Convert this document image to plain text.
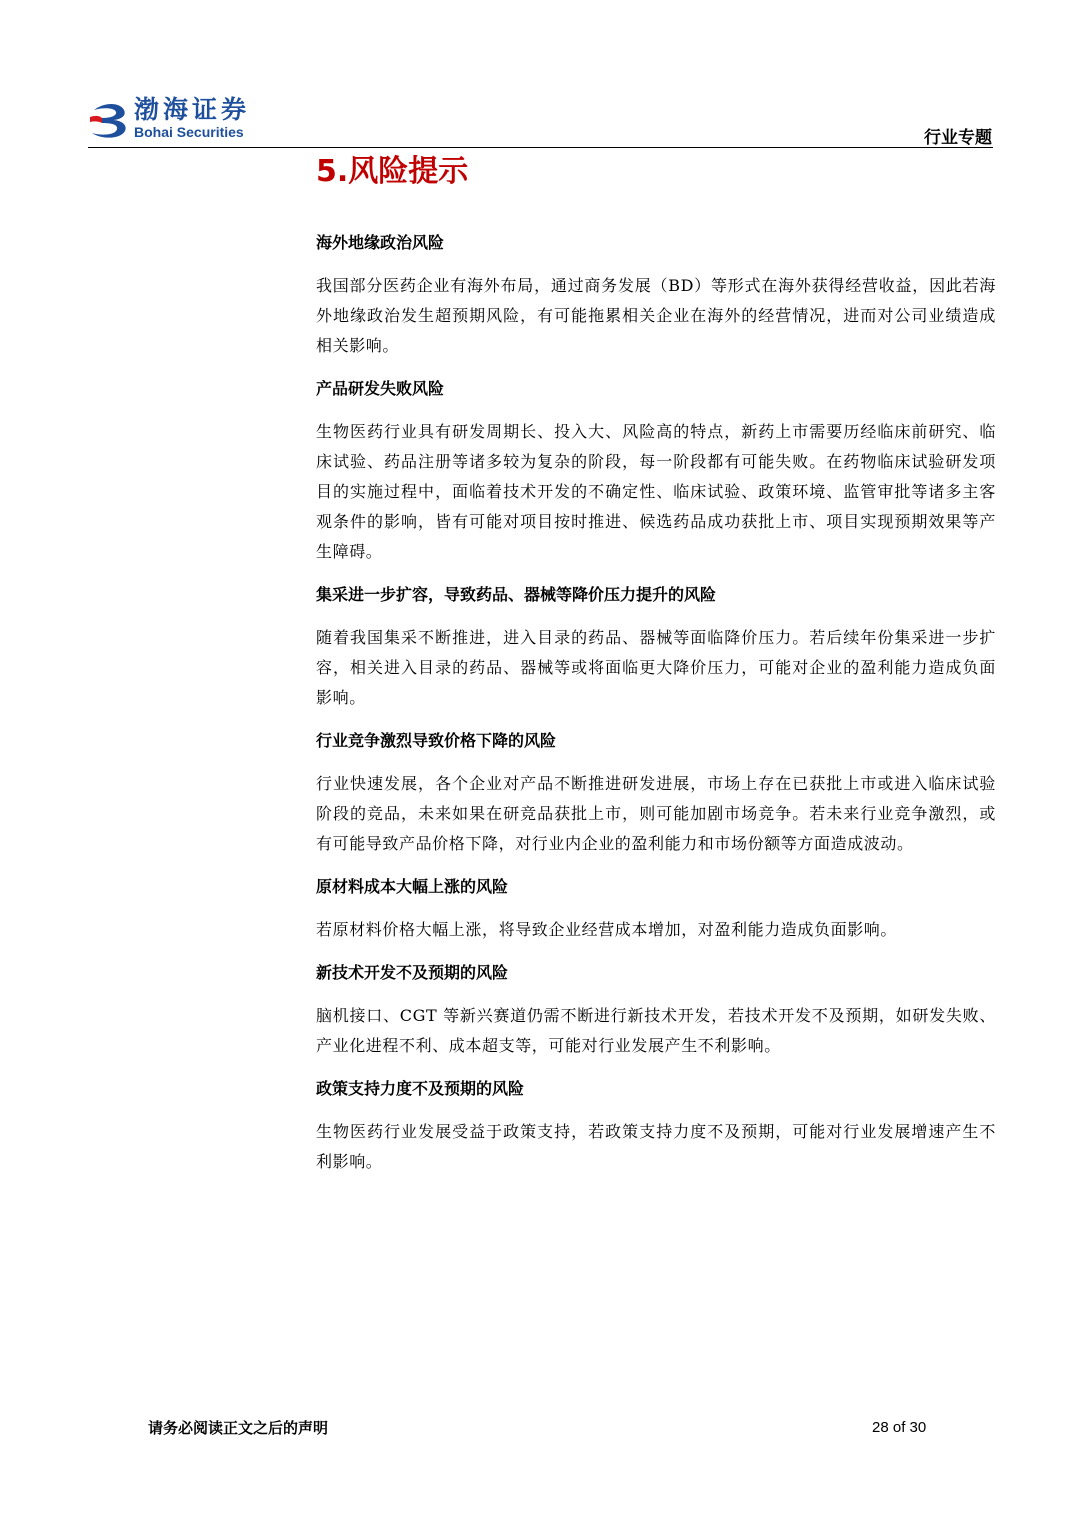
渤海证券
Bohai Securities	行业专题
5.风险提示
海外地缘政治风险

我国部分医药企业有海外布局，通过商务发展（BD）等形式在海外获得经营收益，因此若海外地缘政治发生超预期风险，有可能拖累相关企业在海外的经营情况，进而对公司业绩造成相关影响。

产品研发失败风险

生物医药行业具有研发周期长、投入大、风险高的特点，新药上市需要历经临床前研究、临床试验、药品注册等诸多较为复杂的阶段，每一阶段都有可能失败。在药物临床试验研发项目的实施过程中，面临着技术开发的不确定性、临床试验、政策环境、监管审批等诸多主客观条件的影响，皆有可能对项目按时推进、候选药品成功获批上市、项目实现预期效果等产生障碍。

集采进一步扩容，导致药品、器械等降价压力提升的风险

随着我国集采不断推进，进入目录的药品、器械等面临降价压力。若后续年份集采进一步扩容，相关进入目录的药品、器械等或将面临更大降价压力，可能对企业的盈利能力造成负面影响。

行业竞争激烈导致价格下降的风险

行业快速发展，各个企业对产品不断推进研发进展，市场上存在已获批上市或进入临床试验阶段的竞品，未来如果在研竞品获批上市，则可能加剧市场竞争。若未来行业竞争激烈，或有可能导致产品价格下降，对行业内企业的盈利能力和市场份额等方面造成波动。

原材料成本大幅上涨的风险

若原材料价格大幅上涨，将导致企业经营成本增加，对盈利能力造成负面影响。

新技术开发不及预期的风险

脑机接口、CGT 等新兴赛道仍需不断进行新技术开发，若技术开发不及预期，如研发失败、产业化进程不利、成本超支等，可能对行业发展产生不利影响。

政策支持力度不及预期的风险

生物医药行业发展受益于政策支持，若政策支持力度不及预期，可能对行业发展增速产生不利影响。

请务必阅读正文之后的声明	28 of 30
